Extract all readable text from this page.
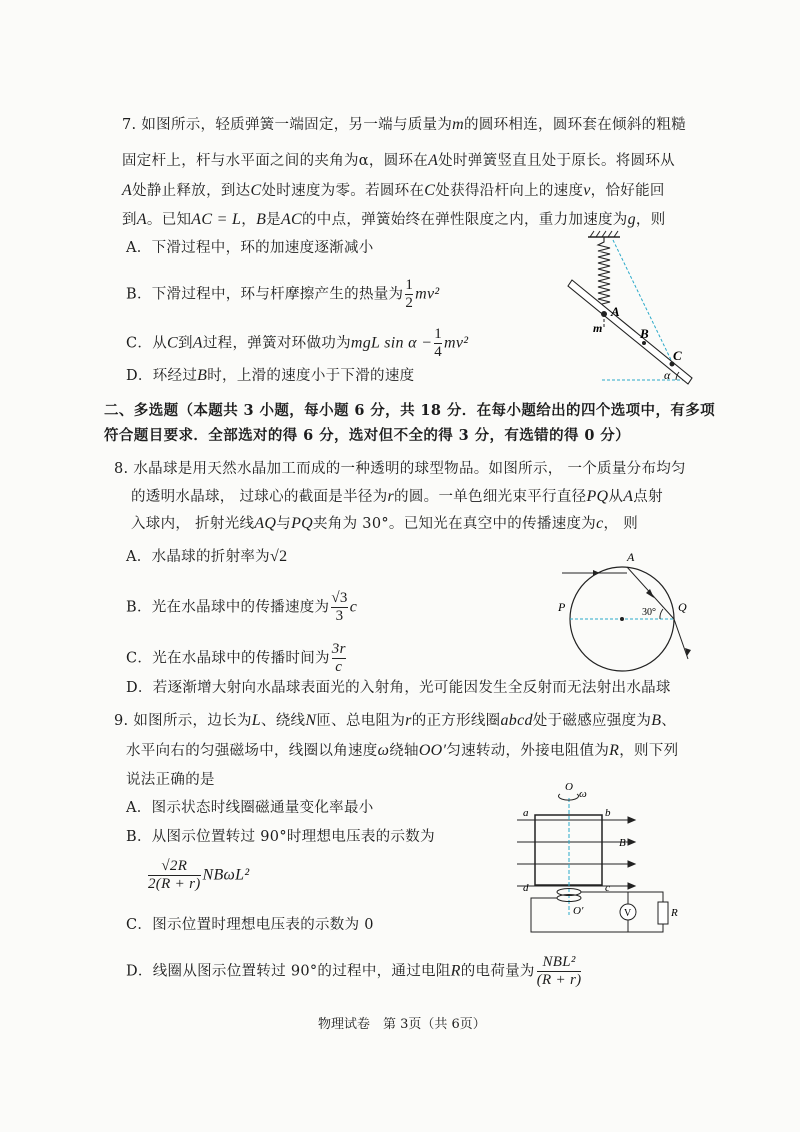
7. 如图所示，轻质弹簧一端固定，另一端与质量为m的圆环相连，圆环套在倾斜的粗糙
固定杆上，杆与水平面之间的夹角为α，圆环在A处时弹簧竖直且处于原长。将圆环从
A处静止释放，到达C处时速度为零。若圆环在C处获得沿杆向上的速度v，恰好能回
到A。已知AC = L，B是AC的中点，弹簧始终在弹性限度之内，重力加速度为g，则
A．下滑过程中，环的加速度逐渐减小
B．下滑过程中，环与杆摩擦产生的热量为 $\frac{1}{2} mv^2$
C．从C到A过程，弹簧对环做功为mgL $\sin \alpha - \frac{1}{4} mv^2$
D．环经过B时，上滑的速度小于下滑的速度
A
m	B
C
α
二、多选题（本题共 3 小题，每小题 6 分，共 18 分．在每小题给出的四个选项中，有多项
符合题目要求．全部选对的得 6 分，选对但不全的得 3 分，有选错的得 0 分）
8. 水晶球是用天然水晶加工而成的一种透明的球型物品。如图所示， 一个质量分布均匀
的透明水晶球， 过球心的截面是半径为r的圆。一单色细光束平行直径PQ从A点射
入球内， 折射光线AQ与PQ夹角为 30°。已知光在真空中的传播速度为c， 则
A．水晶球的折射率为√2
B．光在水晶球中的传播速度为 $\frac{√3}{3}$ c
C．光在水晶球中的传播时间为 $\frac{3r}{c}$
D．若逐渐增大射向水晶球表面光的入射角，光可能因发生全反射而无法射出水晶球
A
P	Q
30°
9. 如图所示，边长为L、绕线N匝、总电阻为r的正方形线圈abcd处于磁感应强度为B、
水平向右的匀强磁场中，线圈以角速度ω绕轴OO′匀速转动，外接电阻值为R，则下列
说法正确的是
A．图示状态时线圈磁通量变化率最小
B．从图示位置转过 90°时理想电压表的示数为
$\frac{√2R}{2(R + r)} NB\omega L^2$
C．图示位置时理想电压表的示数为 0
D．线圈从图示位置转过 90°的过程中，通过电阻R的电荷量为 $\frac{\text{NBL²}}{(R + r)}$
O
ω
a	b
d	c
B
V	R
O′
物理试卷　第 3页（共 6页）
